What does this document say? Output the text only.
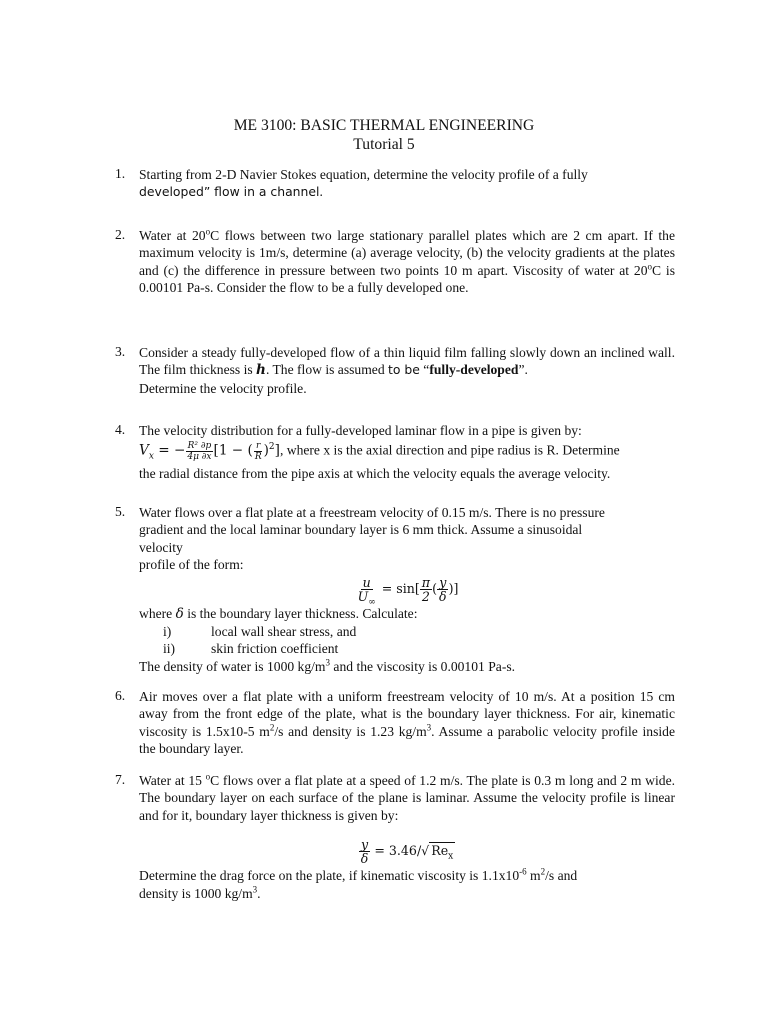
ME 3100: BASIC THERMAL ENGINEERING
Tutorial 5
1. Starting from 2-D Navier Stokes equation, determine the velocity profile of a fully
developed” flow in a channel.
2. Water at 20$^o$C flows between two large stationary parallel plates which are 2 cm apart. If the maximum velocity is 1m/s, determine (a) average velocity, (b) the velocity gradients at the plates and (c) the difference in pressure between two points 10 m apart. Viscosity of water at 20$^o$C is 0.00101 Pa-s. Consider the flow to be a fully developed one.
3. Consider a steady fully-developed flow of a thin liquid film falling slowly down an inclined wall. The film thickness is h. The flow is assumed to be “fully-developed”.
Determine the velocity profile.
4. The velocity distribution for a fully-developed laminar flow in a pipe is given by:
$V_x$ = − $\frac{\text{R² ∂p}}{4\mu \partial x} [1$ − ( $\frac{r}{R} )^2$], where x is the axial direction and pipe radius is R. Determine
the radial distance from the pipe axis at which the velocity equals the average velocity.
5. Water flows over a flat plate at a freestream velocity of 0.15 m/s. There is no pressure
gradient and the local laminar boundary layer is 6 mm thick. Assume a sinusoidal
velocity
profile of the form:
$\frac{u}{U_\infty} = \sin[ \frac{\pi}{2}$ ( $\frac{y}{\delta}$ )]
where δ is the boundary layer thickness. Calculate:
i)	local wall shear stress, and
ii)	skin friction coefficient
The density of water is 1000 $kg/m^3$ and the viscosity is 0.00101 Pa-s.
6. Air moves over a flat plate with a uniform freestream velocity of 10 m/s. At a position 15 cm away from the front edge of the plate, what is the boundary layer thickness. For air, kinematic viscosity is 1.5x10-5 $m^2/s$ and density is 1.23 $kg/m^3$. Assume a parabolic velocity profile inside the boundary layer.
7. Water at 15 $^o$C flows over a flat plate at a speed of 1.2 m/s. The plate is 0.3 m long and 2 m wide. The boundary layer on each surface of the plane is laminar. Assume the velocity profile is linear and for it, boundary layer thickness is given by:
$\frac{y}{\delta} = 3.46/√$ $Re_x$
Determine the drag force on the plate, if kinematic viscosity is $1.1x10^{-6}$ $m^2/s$ and
density is 1000 $kg/m^3$.
